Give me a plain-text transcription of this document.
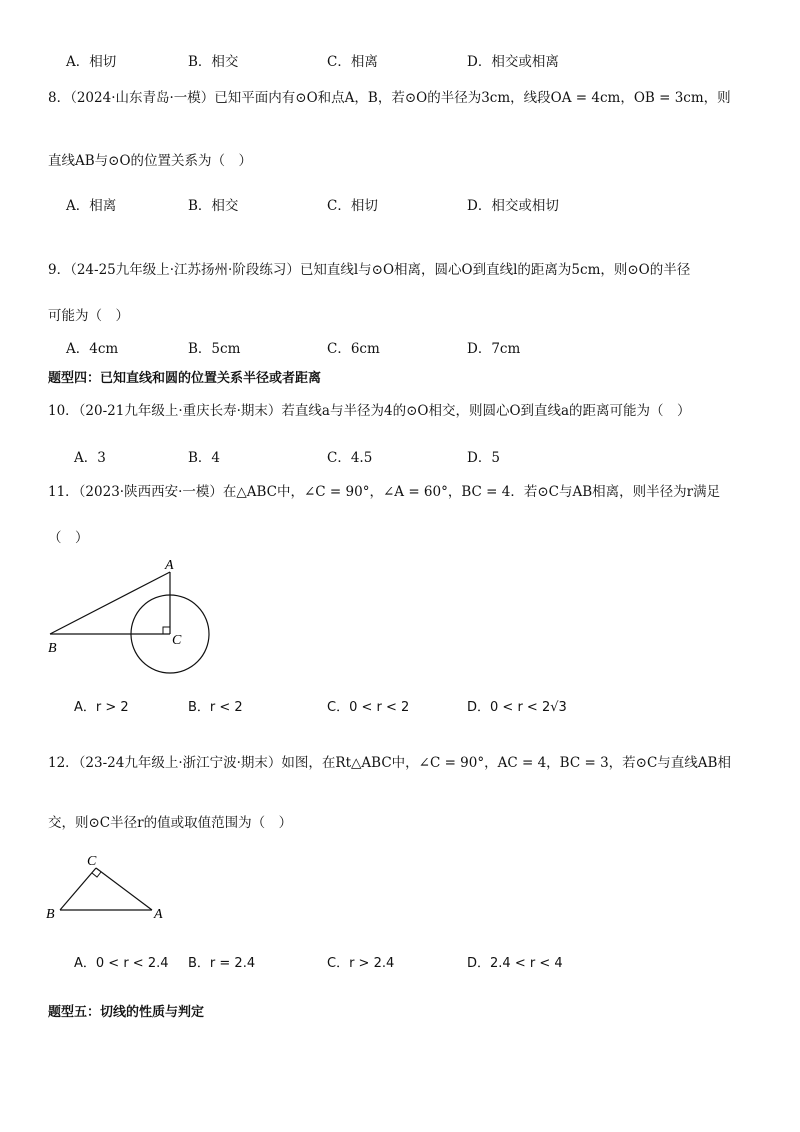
A．相切	B．相交	C．相离	D．相交或相离
8．（2024·山东青岛·一模）已知平面内有⊙O和点A，B，若⊙O的半径为3cm，线段OA = 4cm，OB = 3cm，则
直线AB与⊙O的位置关系为（　）
A．相离	B．相交	C．相切	D．相交或相切
9．（24-25九年级上·江苏扬州·阶段练习）已知直线l与⊙O相离，圆心O到直线l的距离为5cm，则⊙O的半径
可能为（　）
A．4cm	B．5cm	C．6cm	D．7cm
题型四：已知直线和圆的位置关系半径或者距离
10．（20-21九年级上·重庆长寿·期末）若直线a与半径为4的⊙O相交，则圆心O到直线a的距离可能为（　）
A．3	B．4	C．4.5	D．5
11．（2023·陕西西安·一模）在△ABC中，∠C = 90°，∠A = 60°，BC = 4．若⊙C与AB相离，则半径为r满足
（　）
A
B
C
A．r > 2	B．r < 2	C．0 < r < 2	D．0 < r < 2√3
12．（23-24九年级上·浙江宁波·期末）如图，在Rt△ABC中，∠C = 90°，AC = 4，BC = 3，若⊙C与直线AB相
交，则⊙C半径r的值或取值范围为（　）
C
B	A
A．0 < r < 2.4 B．r = 2.4	C．r > 2.4	D．2.4 < r < 4
题型五：切线的性质与判定
